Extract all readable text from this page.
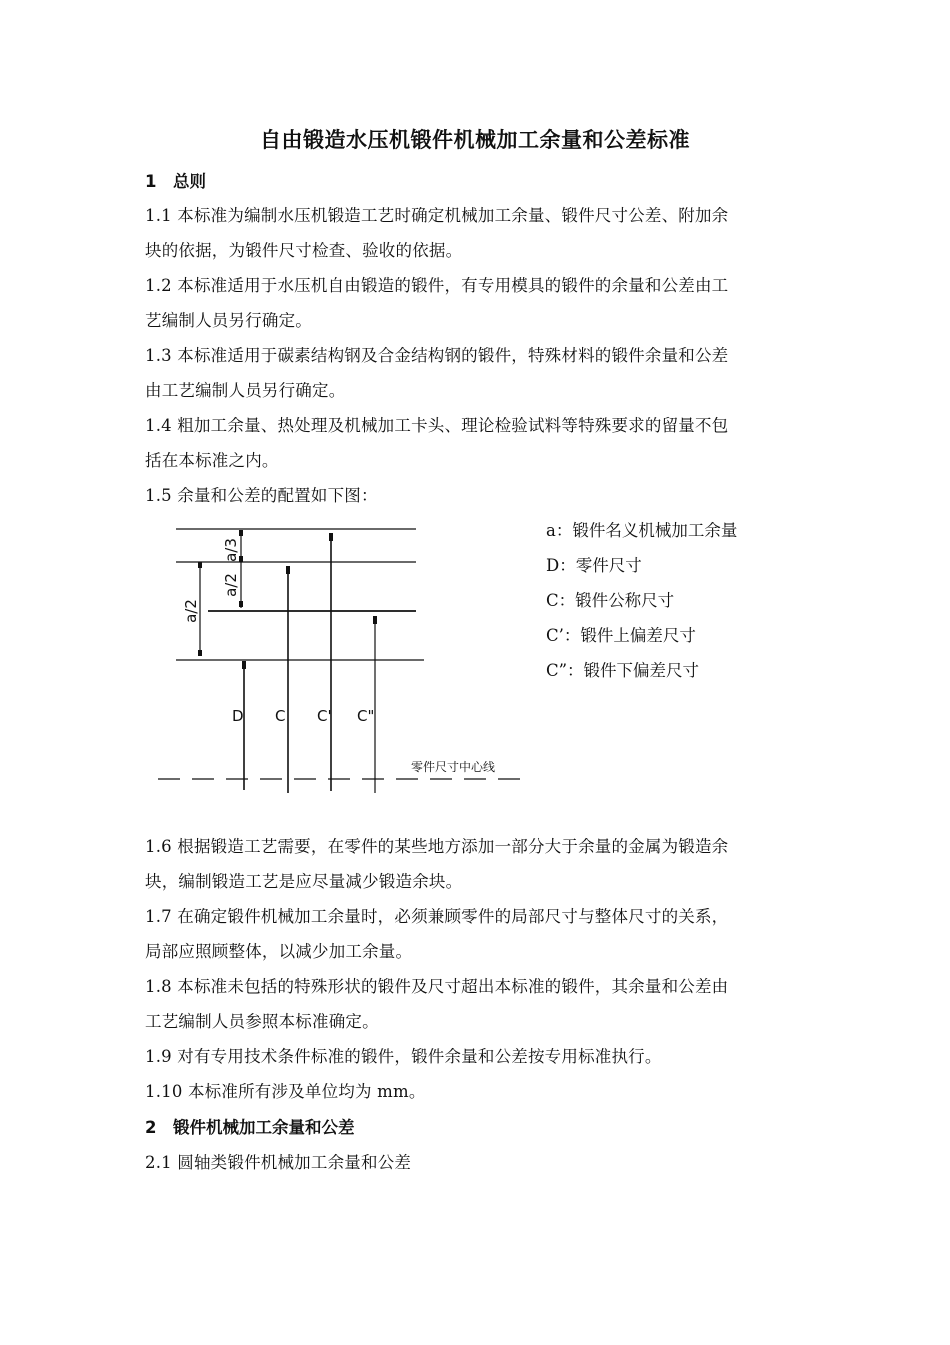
自由锻造水压机锻件机械加工余量和公差标准
1 总则
1.1 本标准为编制水压机锻造工艺时确定机械加工余量、锻件尺寸公差、附加余
块的依据，为锻件尺寸检查、验收的依据。
1.2 本标准适用于水压机自由锻造的锻件，有专用模具的锻件的余量和公差由工
艺编制人员另行确定。
1.3 本标准适用于碳素结构钢及合金结构钢的锻件，特殊材料的锻件余量和公差
由工艺编制人员另行确定。
1.4 粗加工余量、热处理及机械加工卡头、理论检验试料等特殊要求的留量不包
括在本标准之内。
1.5 余量和公差的配置如下图：
a/3
a/2
a/2
D C C' C"
零件尺寸中心线
a：锻件名义机械加工余量
D：零件尺寸
C：锻件公称尺寸
C’：锻件上偏差尺寸
C”：锻件下偏差尺寸
1.6 根据锻造工艺需要，在零件的某些地方添加一部分大于余量的金属为锻造余
块，编制锻造工艺是应尽量减少锻造余块。
1.7 在确定锻件机械加工余量时，必须兼顾零件的局部尺寸与整体尺寸的关系，
局部应照顾整体，以减少加工余量。
1.8 本标准未包括的特殊形状的锻件及尺寸超出本标准的锻件，其余量和公差由
工艺编制人员参照本标准确定。
1.9 对有专用技术条件标准的锻件，锻件余量和公差按专用标准执行。
1.10 本标准所有涉及单位均为 mm。
2 锻件机械加工余量和公差
2.1 圆轴类锻件机械加工余量和公差
